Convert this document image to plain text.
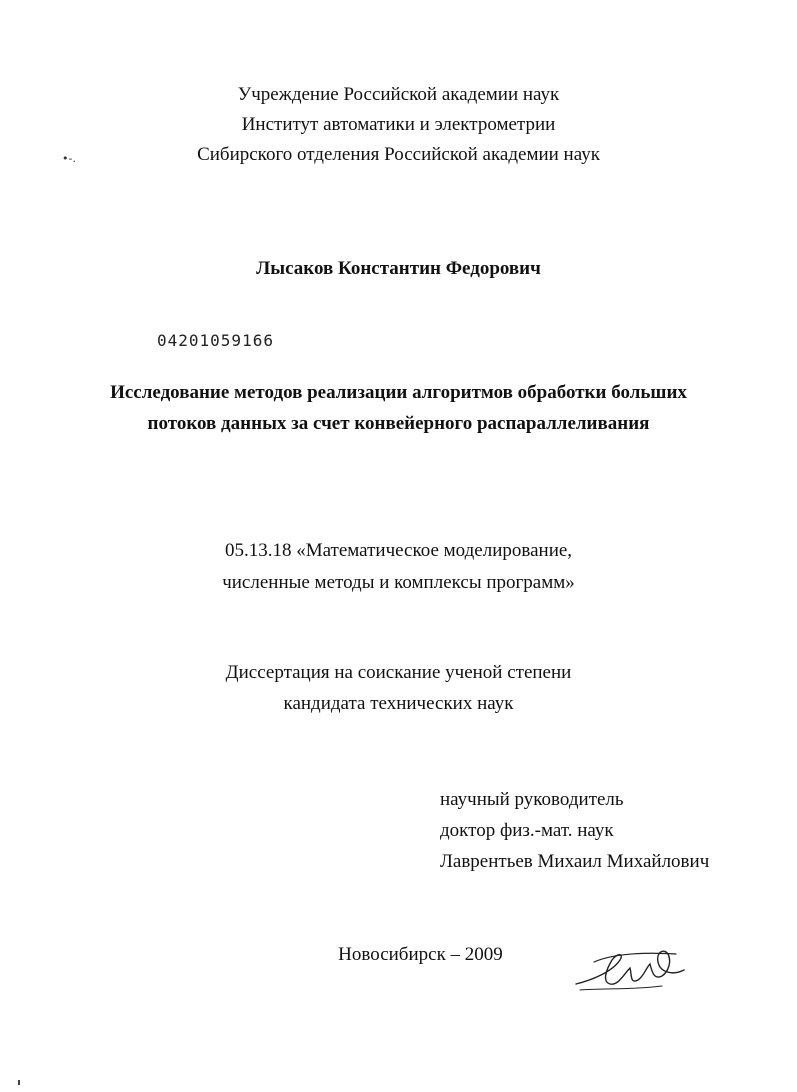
•-.
Учреждение Российской академии наук
Институт автоматики и электрометрии
Сибирского отделения Российской академии наук
Лысаков Константин Федорович
04201059166
Исследование методов реализации алгоритмов обработки больших
потоков данных за счет конвейерного распараллеливания
05.13.18 «Математическое моделирование,
численные методы и комплексы программ»
Диссертация на соискание ученой степени
кандидата технических наук
научный руководитель
доктор физ.-мат. наук
Лаврентьев Михаил Михайлович
Новосибирск – 2009
